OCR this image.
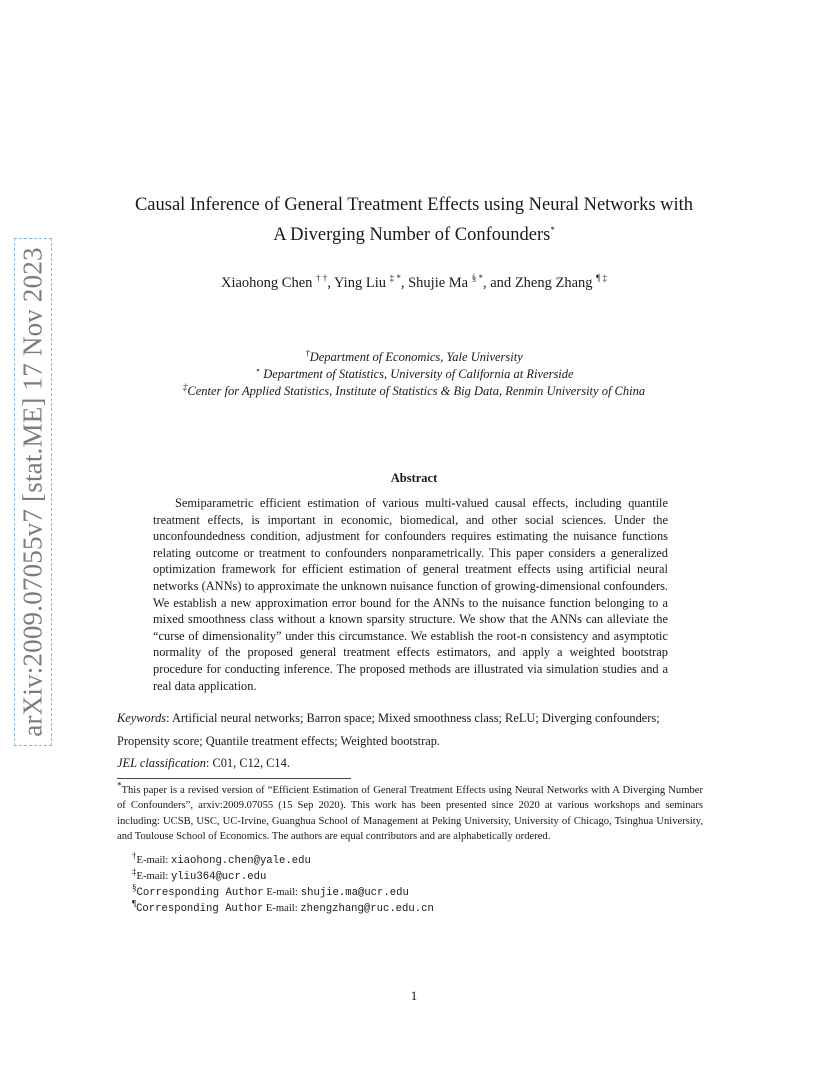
arXiv:2009.07055v7 [stat.ME] 17 Nov 2023
Causal Inference of General Treatment Effects using Neural Networks with
A Diverging Number of Confounders*
Xiaohong Chen † †, Ying Liu ‡ *, Shujie Ma § *, and Zheng Zhang ¶ ‡
†Department of Economics, Yale University
⋆ Department of Statistics, University of California at Riverside
‡Center for Applied Statistics, Institute of Statistics & Big Data, Renmin University of China
Abstract

Semiparametric efficient estimation of various multi-valued causal effects, including quantile treatment effects, is important in economic, biomedical, and other social sciences. Under the unconfoundedness condition, adjustment for confounders requires estimating the nuisance functions relating outcome or treatment to confounders nonparametrically. This paper considers a generalized optimization framework for efficient estimation of general treatment effects using artificial neural networks (ANNs) to approximate the unknown nuisance function of growing-dimensional confounders. We establish a new approximation error bound for the ANNs to the nuisance function belonging to a mixed smoothness class without a known sparsity structure. We show that the ANNs can alleviate the “curse of dimensionality” under this circumstance. We establish the root-n consistency and asymptotic normality of the proposed general treatment effects estimators, and apply a weighted bootstrap procedure for conducting inference. The proposed methods are illustrated via simulation studies and a real data application.

Keywords: Artificial neural networks; Barron space; Mixed smoothness class; ReLU; Diverging confounders;
Propensity score; Quantile treatment effects; Weighted bootstrap.
JEL classification: C01, C12, C14.
*This paper is a revised version of “Efficient Estimation of General Treatment Effects using Neural Networks with A Diverging Number of Confounders”, arxiv:2009.07055 (15 Sep 2020). This work has been presented since 2020 at various workshops and seminars including: UCSB, USC, UC-Irvine, Guanghua School of Management at Peking University, University of Chicago, Tsinghua University, and Toulouse School of Economics. The authors are equal contributors and are alphabetically ordered.
†E-mail: xiaohong.chen@yale.edu
‡E-mail: yliu364@ucr.edu
§Corresponding Author E-mail: shujie.ma@ucr.edu
¶Corresponding Author E-mail: zhengzhang@ruc.edu.cn
1
